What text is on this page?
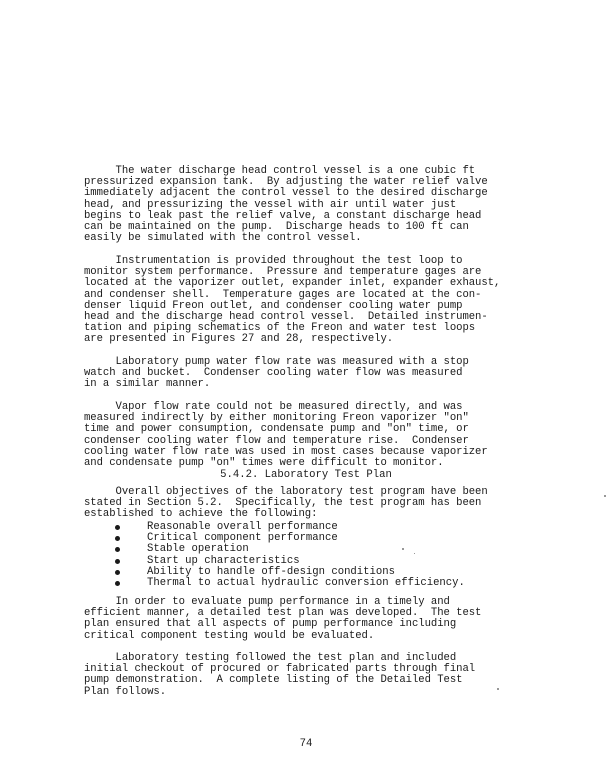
The water discharge head control vessel is a one cubic ft
pressurized expansion tank.  By adjusting the water relief valve
immediately adjacent the control vessel to the desired discharge
head, and pressurizing the vessel with air until water just
begins to leak past the relief valve, a constant discharge head
can be maintained on the pump.  Discharge heads to 100 ft can
easily be simulated with the control vessel.

Instrumentation is provided throughout the test loop to
monitor system performance.  Pressure and temperature gages are
located at the vaporizer outlet, expander inlet, expander exhaust,
and condenser shell.  Temperature gages are located at the con-
denser liquid Freon outlet, and condenser cooling water pump
head and the discharge head control vessel.  Detailed instrumen-
tation and piping schematics of the Freon and water test loops
are presented in Figures 27 and 28, respectively.

Laboratory pump water flow rate was measured with a stop
watch and bucket.  Condenser cooling water flow was measured
in a similar manner.

Vapor flow rate could not be measured directly, and was
measured indirectly by either monitoring Freon vaporizer "on"
time and power consumption, condensate pump and "on" time, or
condenser cooling water flow and temperature rise.  Condenser
cooling water flow rate was used in most cases because vaporizer
and condensate pump "on" times were difficult to monitor.

5.4.2. Laboratory Test Plan

Overall objectives of the laboratory test program have been
stated in Section 5.2.  Specifically, the test program has been
established to achieve the following:

Reasonable overall performance
Critical component performance
Stable operation
Start up characteristics
Ability to handle off-design conditions
Thermal to actual hydraulic conversion efficiency.

In order to evaluate pump performance in a timely and
efficient manner, a detailed test plan was developed.  The test
plan ensured that all aspects of pump performance including
critical component testing would be evaluated.

Laboratory testing followed the test plan and included
initial checkout of procured or fabricated parts through final
pump demonstration.  A complete listing of the Detailed Test
Plan follows.

74
